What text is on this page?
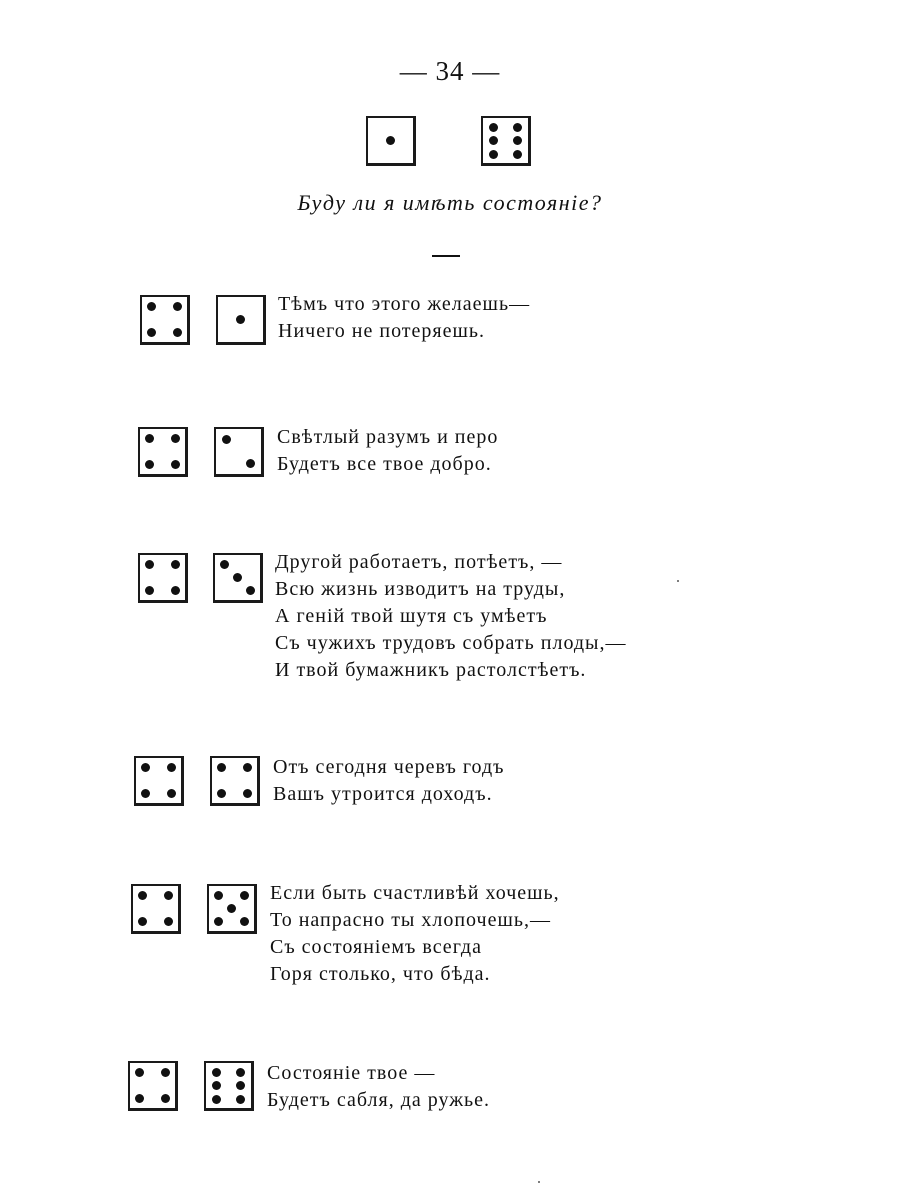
— 34 —
Буду ли я имѣть состояніе?
Тѣмъ что этого желаешь—
Ничего не потеряешь.
Свѣтлый разумъ и перо
Будетъ все твое добро.
Другой работаетъ, потѣетъ, —
Всю жизнь изводитъ на труды,
А геній твой шутя съ умѣетъ
Съ чужихъ трудовъ собрать плоды,—
И твой бумажникъ растолстѣетъ.
Отъ сегодня черевъ годъ
Вашъ утроится доходъ.
Если быть счастливѣй хочешь,
То напрасно ты хлопочешь,—
Съ состояніемъ всегда
Горя столько, что бѣда.
Состояніе твое —
Будетъ сабля, да ружье.
